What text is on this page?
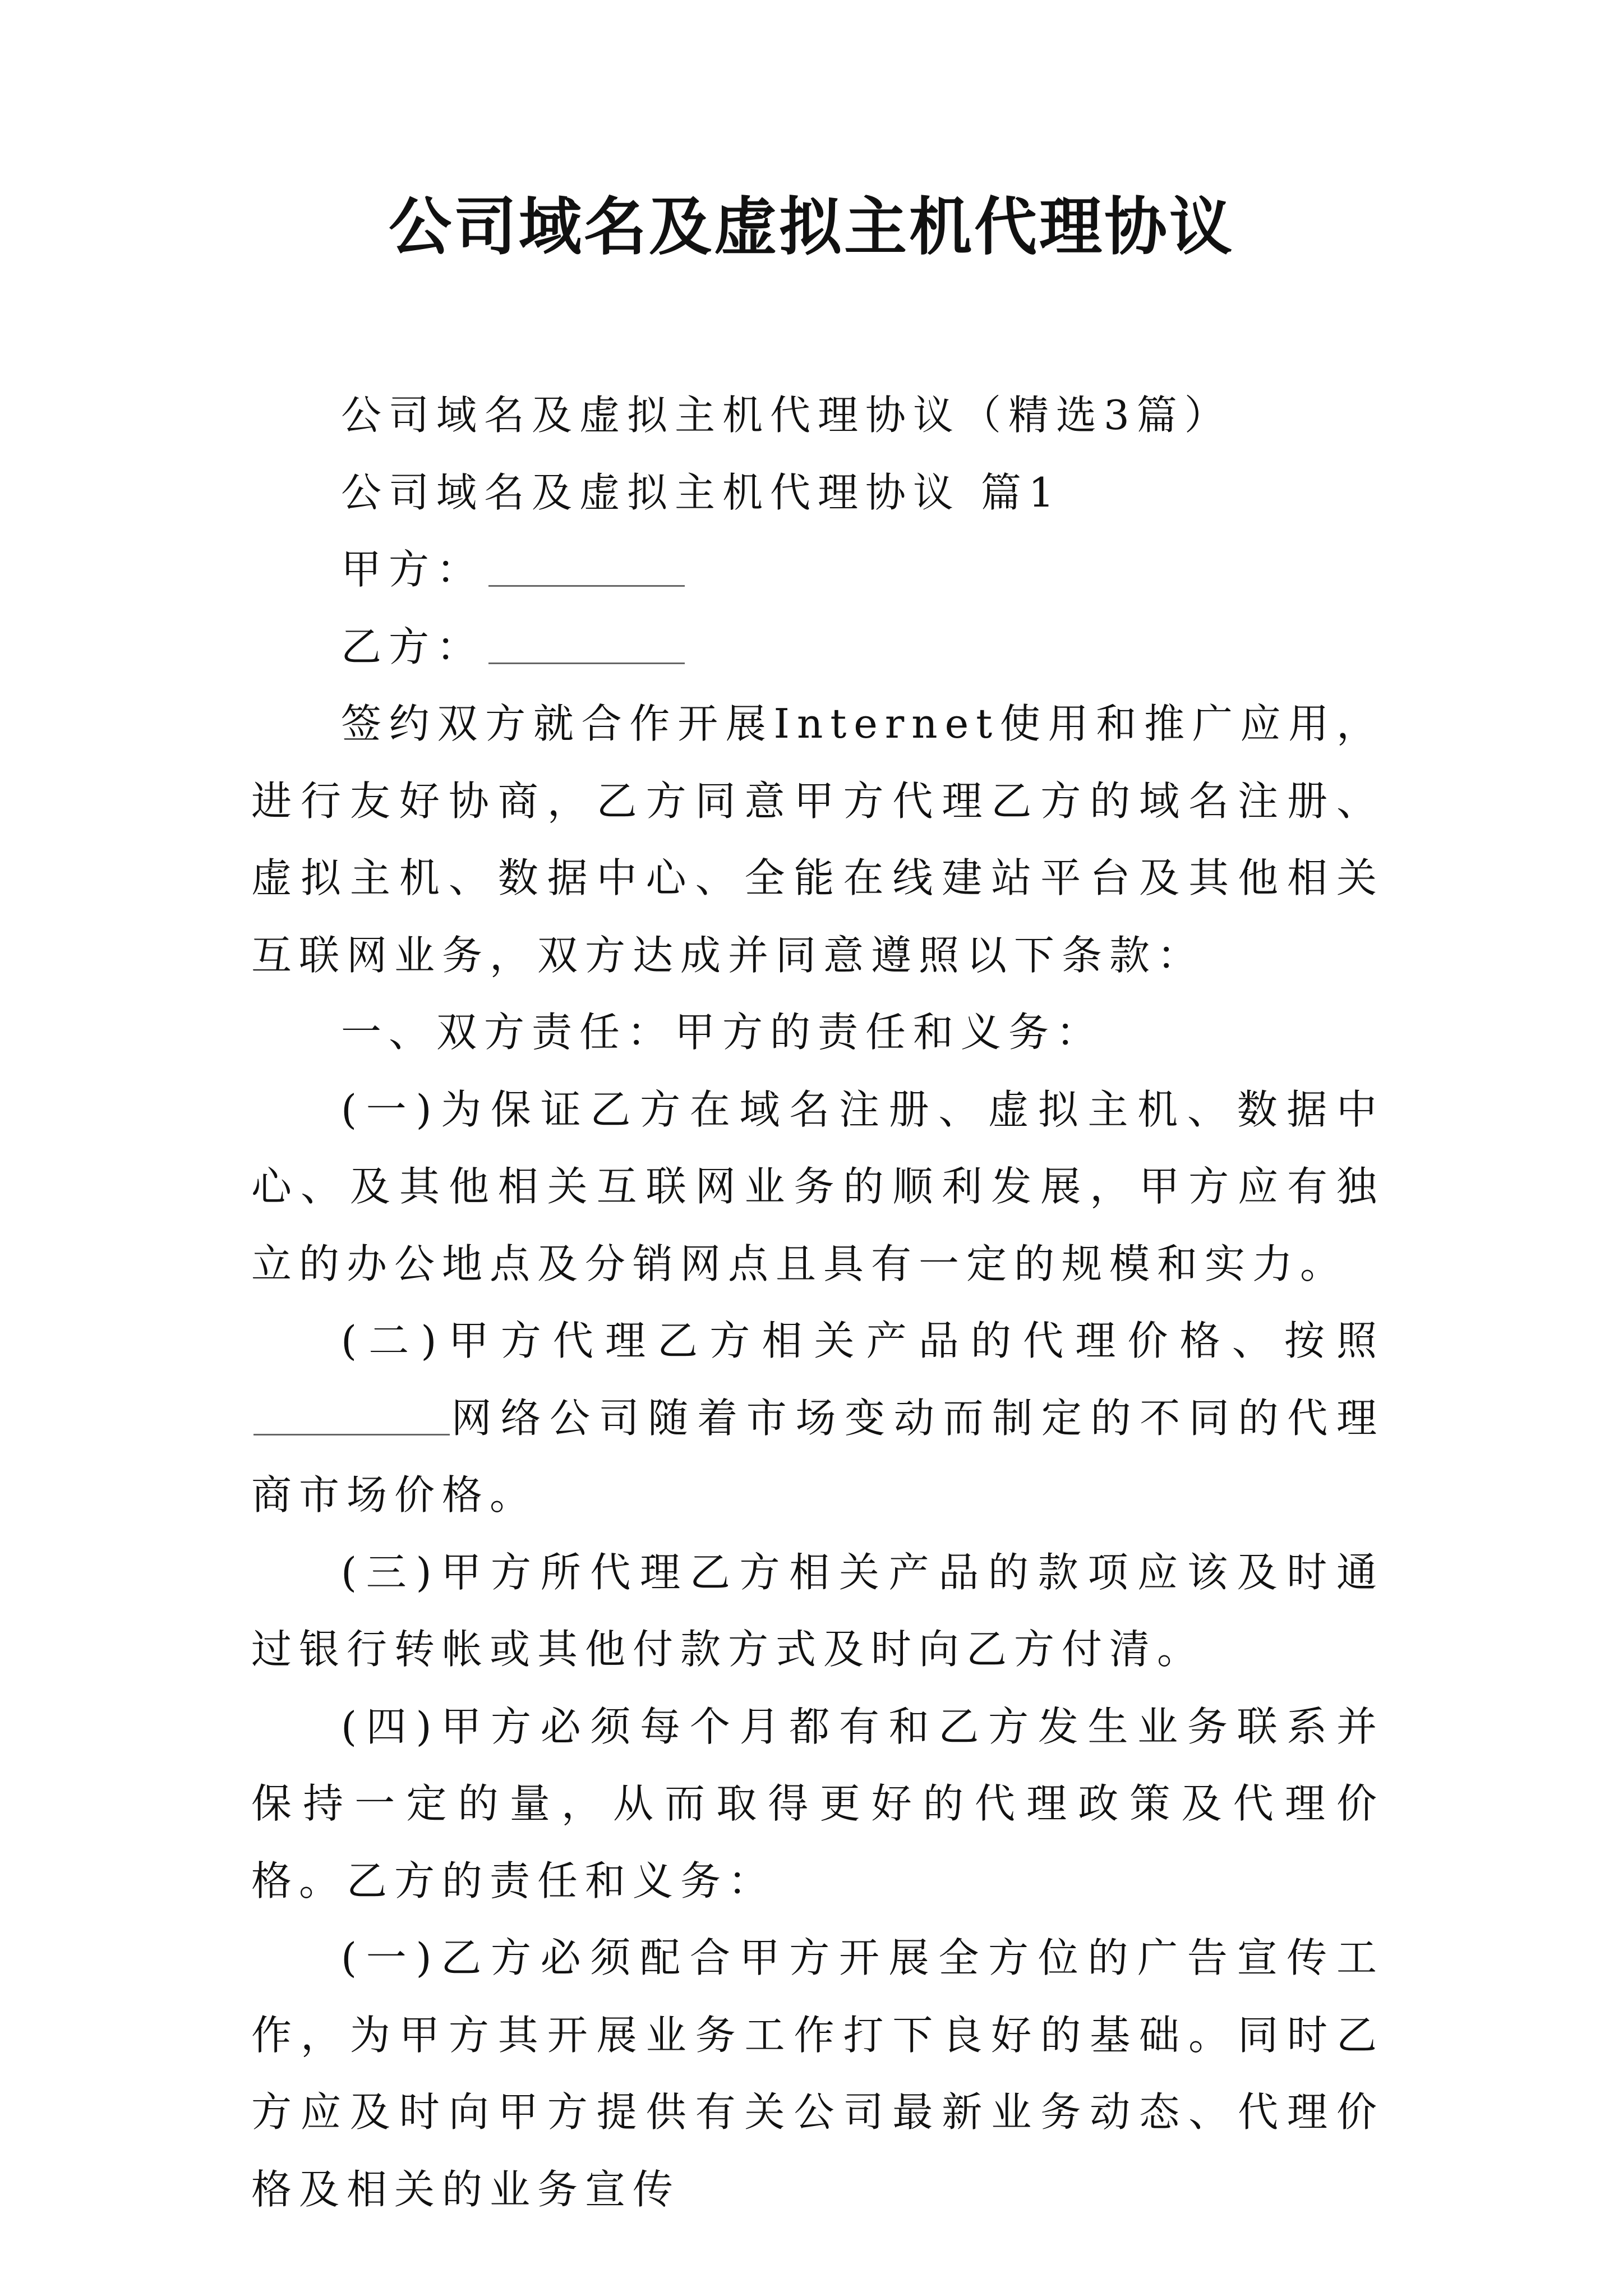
公司域名及虚拟主机代理协议

公司域名及虚拟主机代理协议（精选3篇）

公司域名及虚拟主机代理协议 篇1

甲方：

乙方：

签约双方就合作开展Internet使用和推广应用，进行友好协商，乙方同意甲方代理乙方的域名注册、虚拟主机、数据中心、全能在线建站平台及其他相关互联网业务，双方达成并同意遵照以下条款：

一、双方责任：甲方的责任和义务：

(一)为保证乙方在域名注册、虚拟主机、数据中心、及其他相关互联网业务的顺利发展，甲方应有独立的办公地点及分销网点且具有一定的规模和实力。

(二)甲方代理乙方相关产品的代理价格、按照网络公司随着市场变动而制定的不同的代理商市场价格。

(三)甲方所代理乙方相关产品的款项应该及时通过银行转帐或其他付款方式及时向乙方付清。

(四)甲方必须每个月都有和乙方发生业务联系并保持一定的量，从而取得更好的代理政策及代理价格。乙方的责任和义务：

(一)乙方必须配合甲方开展全方位的广告宣传工作，为甲方其开展业务工作打下良好的基础。同时乙方应及时向甲方提供有关公司最新业务动态、代理价格及相关的业务宣传
